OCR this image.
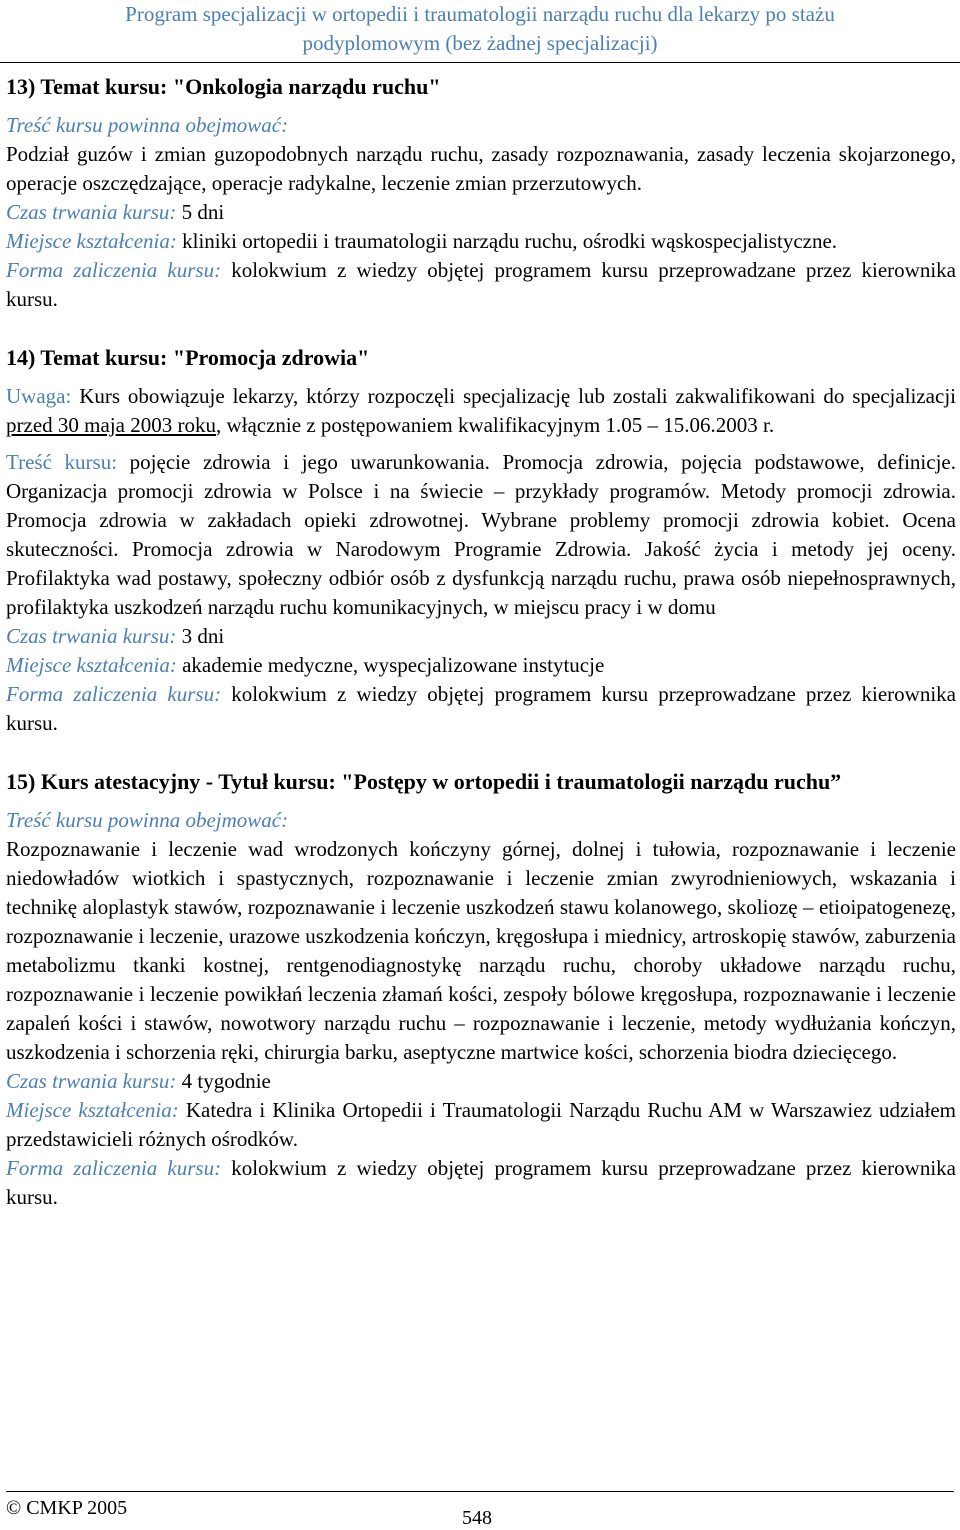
Program specjalizacji w ortopedii i traumatologii narządu ruchu dla lekarzy po stażu
podyplomowym (bez żadnej specjalizacji)

13) Temat kursu: "Onkologia narządu ruchu"

Treść kursu powinna obejmować:

Podział guzów i zmian guzopodobnych narządu ruchu, zasady rozpoznawania, zasady leczenia skojarzonego, operacje oszczędzające, operacje radykalne, leczenie zmian przerzutowych.

Czas trwania kursu: 5 dni

Miejsce kształcenia: kliniki ortopedii i traumatologii narządu ruchu, ośrodki wąskospecjalistyczne.

Forma zaliczenia kursu: kolokwium z wiedzy objętej programem kursu przeprowadzane przez kierownika kursu.

14) Temat kursu: "Promocja zdrowia"

Uwaga: Kurs obowiązuje lekarzy, którzy rozpoczęli specjalizację lub zostali zakwalifikowani do specjalizacji przed 30 maja 2003 roku, włącznie z postępowaniem kwalifikacyjnym 1.05 – 15.06.2003 r.

Treść kursu: pojęcie zdrowia i jego uwarunkowania. Promocja zdrowia, pojęcia podstawowe, definicje. Organizacja promocji zdrowia w Polsce i na świecie – przykłady programów. Metody promocji zdrowia. Promocja zdrowia w zakładach opieki zdrowotnej. Wybrane problemy promocji zdrowia kobiet. Ocena skuteczności. Promocja zdrowia w Narodowym Programie Zdrowia. Jakość życia i metody jej oceny. Profilaktyka wad postawy, społeczny odbiór osób z dysfunkcją narządu ruchu, prawa osób niepełnosprawnych, profilaktyka uszkodzeń narządu ruchu komunikacyjnych, w miejscu pracy i w domu

Czas trwania kursu: 3 dni

Miejsce kształcenia: akademie medyczne, wyspecjalizowane instytucje

Forma zaliczenia kursu: kolokwium z wiedzy objętej programem kursu przeprowadzane przez kierownika kursu.

15) Kurs atestacyjny - Tytuł kursu: "Postępy w ortopedii i traumatologii narządu ruchu”

Treść kursu powinna obejmować:

Rozpoznawanie i leczenie wad wrodzonych kończyny górnej, dolnej i tułowia, rozpoznawanie i leczenie niedowładów wiotkich i spastycznych, rozpoznawanie i leczenie zmian zwyrodnieniowych, wskazania i technikę aloplastyk stawów, rozpoznawanie i leczenie uszkodzeń stawu kolanowego, skoliozę – etioipatogenezę, rozpoznawanie i leczenie, urazowe uszkodzenia kończyn, kręgosłupa i miednicy, artroskopię stawów, zaburzenia metabolizmu tkanki kostnej, rentgenodiagnostykę narządu ruchu, choroby układowe narządu ruchu, rozpoznawanie i leczenie powikłań leczenia złamań kości, zespoły bólowe kręgosłupa, rozpoznawanie i leczenie zapaleń kości i stawów, nowotwory narządu ruchu – rozpoznawanie i leczenie, metody wydłużania kończyn, uszkodzenia i schorzenia ręki, chirurgia barku, aseptyczne martwice kości, schorzenia biodra dziecięcego.

Czas trwania kursu: 4 tygodnie

Miejsce kształcenia: Katedra i Klinika Ortopedii i Traumatologii Narządu Ruchu AM w Warszawiez udziałem przedstawicieli różnych ośrodków.

Forma zaliczenia kursu: kolokwium z wiedzy objętej programem kursu przeprowadzane przez kierownika kursu.

© CMKP 2005	548
